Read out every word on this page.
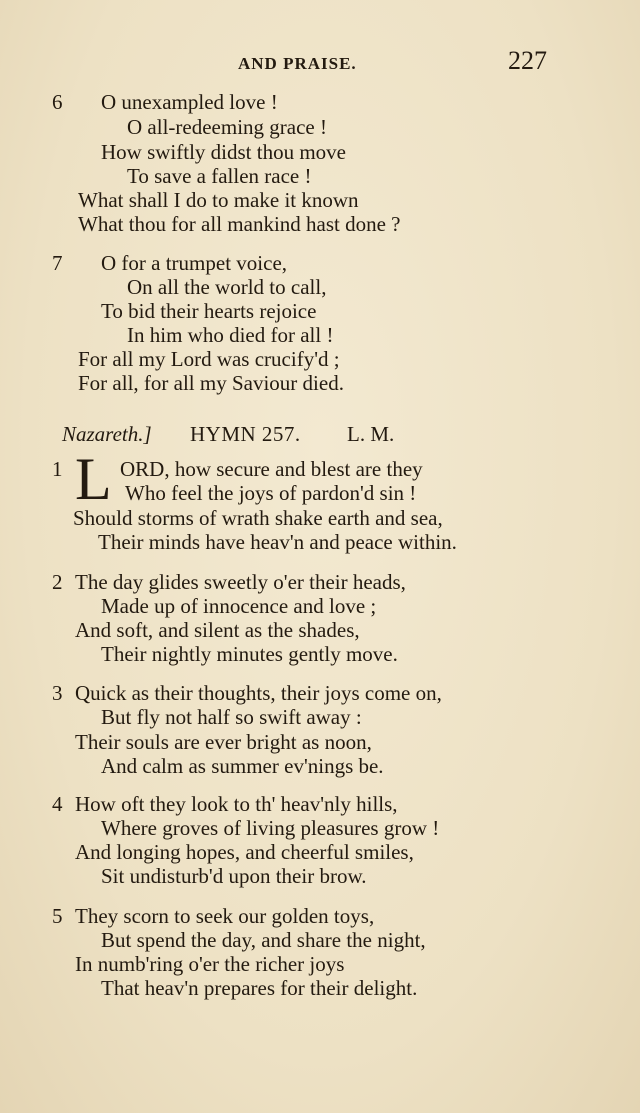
AND PRAISE.	227
6 O unexampled love !
O all-redeeming grace !
How swiftly didst thou move
To save a fallen race !
What shall I do to make it known
What thou for all mankind hast done ?
7 O for a trumpet voice,
On all the world to call,
To bid their hearts rejoice
In him who died for all !
For all my Lord was crucify'd ;
For all, for all my Saviour died.
Nazareth.] HYMN 257. L. M.
1 L ORD, how secure and blest are they
Who feel the joys of pardon'd sin !
Should storms of wrath shake earth and sea,
Their minds have heav'n and peace within.
2 The day glides sweetly o'er their heads,
Made up of innocence and love ;
And soft, and silent as the shades,
Their nightly minutes gently move.
3 Quick as their thoughts, their joys come on,
But fly not half so swift away :
Their souls are ever bright as noon,
And calm as summer ev'nings be.
4 How oft they look to th' heav'nly hills,
Where groves of living pleasures grow !
And longing hopes, and cheerful smiles,
Sit undisturb'd upon their brow.
5 They scorn to seek our golden toys,
But spend the day, and share the night,
In numb'ring o'er the richer joys
That heav'n prepares for their delight.
